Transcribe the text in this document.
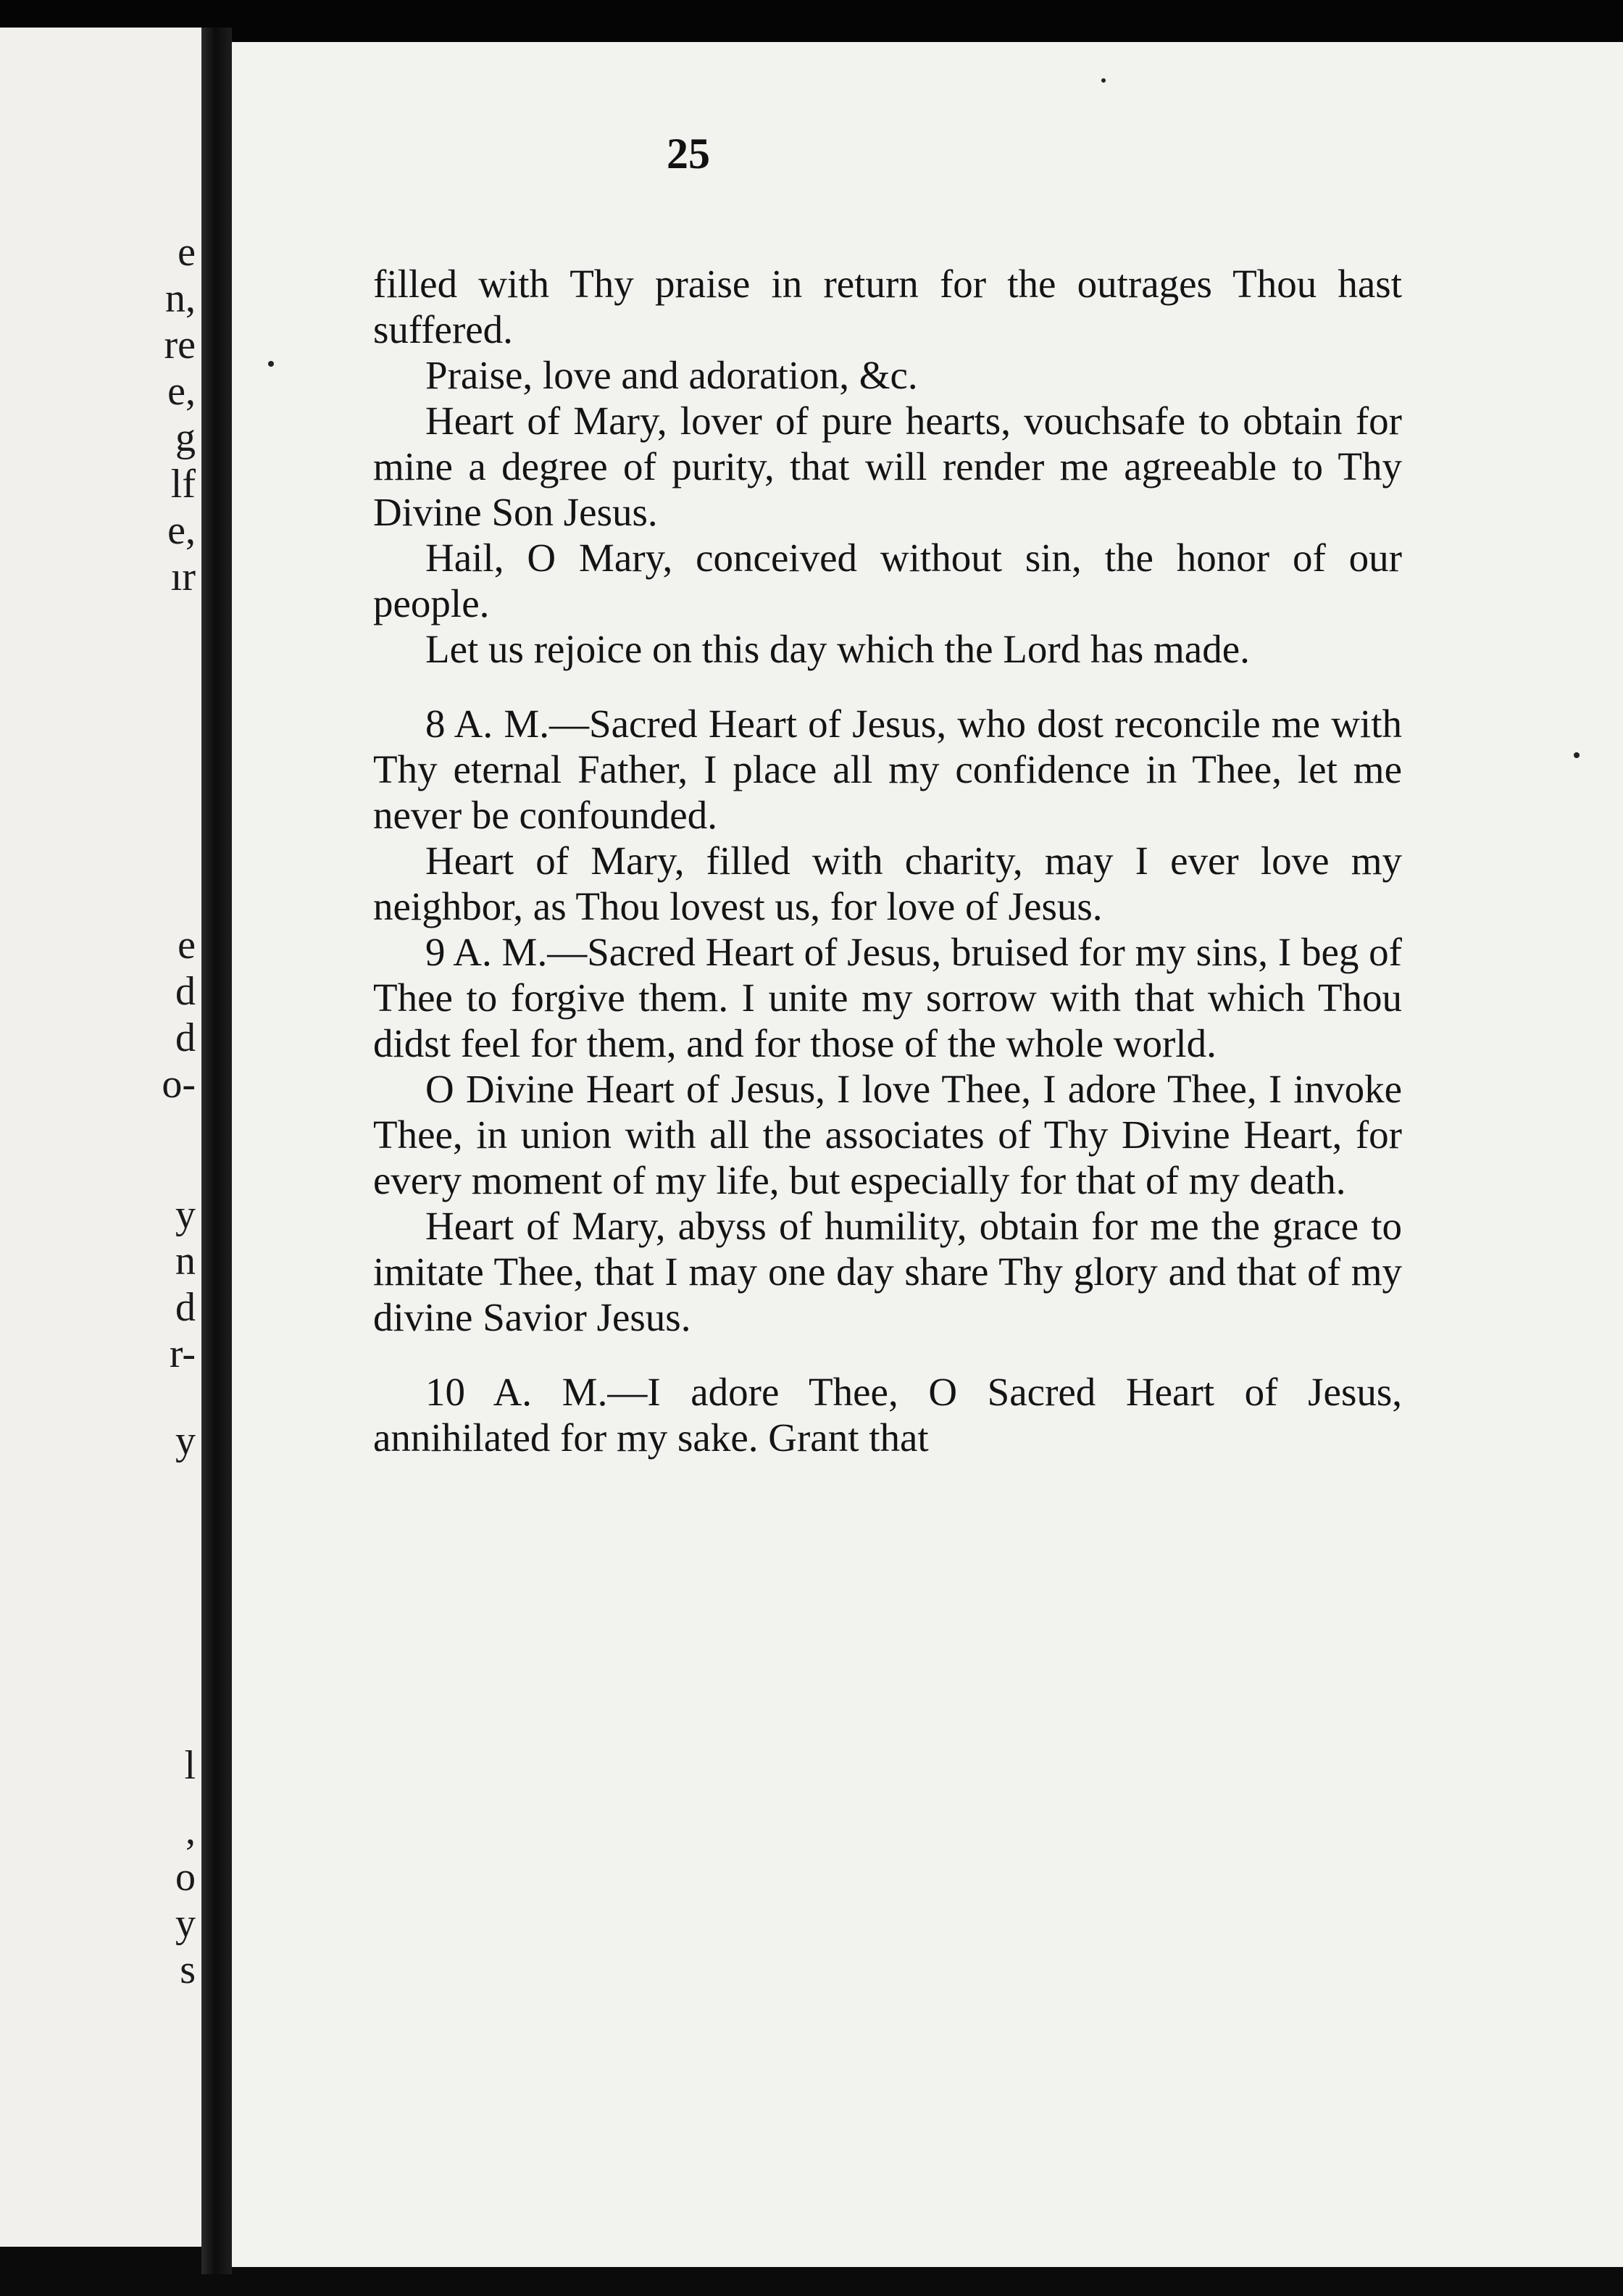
e
n,
re
e,
g
lf
e,
ır
e
d
d
o-
y
n
d
r-
y
l
,
o
y
s
25

filled with Thy praise in return for the outrages Thou hast suffered.

Praise, love and adoration, &c.

Heart of Mary, lover of pure hearts, vouchsafe to obtain for mine a degree of purity, that will render me agreeable to Thy Divine Son Jesus.

Hail, O Mary, conceived without sin, the honor of our people.

Let us rejoice on this day which the Lord has made.

8 A. M.—Sacred Heart of Jesus, who dost reconcile me with Thy eternal Father, I place all my confidence in Thee, let me never be confounded.

Heart of Mary, filled with charity, may I ever love my neighbor, as Thou lovest us, for love of Jesus.

9 A. M.—Sacred Heart of Jesus, bruised for my sins, I beg of Thee to forgive them. I unite my sorrow with that which Thou didst feel for them, and for those of the whole world.

O Divine Heart of Jesus, I love Thee, I adore Thee, I invoke Thee, in union with all the associates of Thy Divine Heart, for every moment of my life, but especially for that of my death.

Heart of Mary, abyss of humility, obtain for me the grace to imitate Thee, that I may one day share Thy glory and that of my divine Savior Jesus.

10 A. M.—I adore Thee, O Sacred Heart of Jesus, annihilated for my sake. Grant that
